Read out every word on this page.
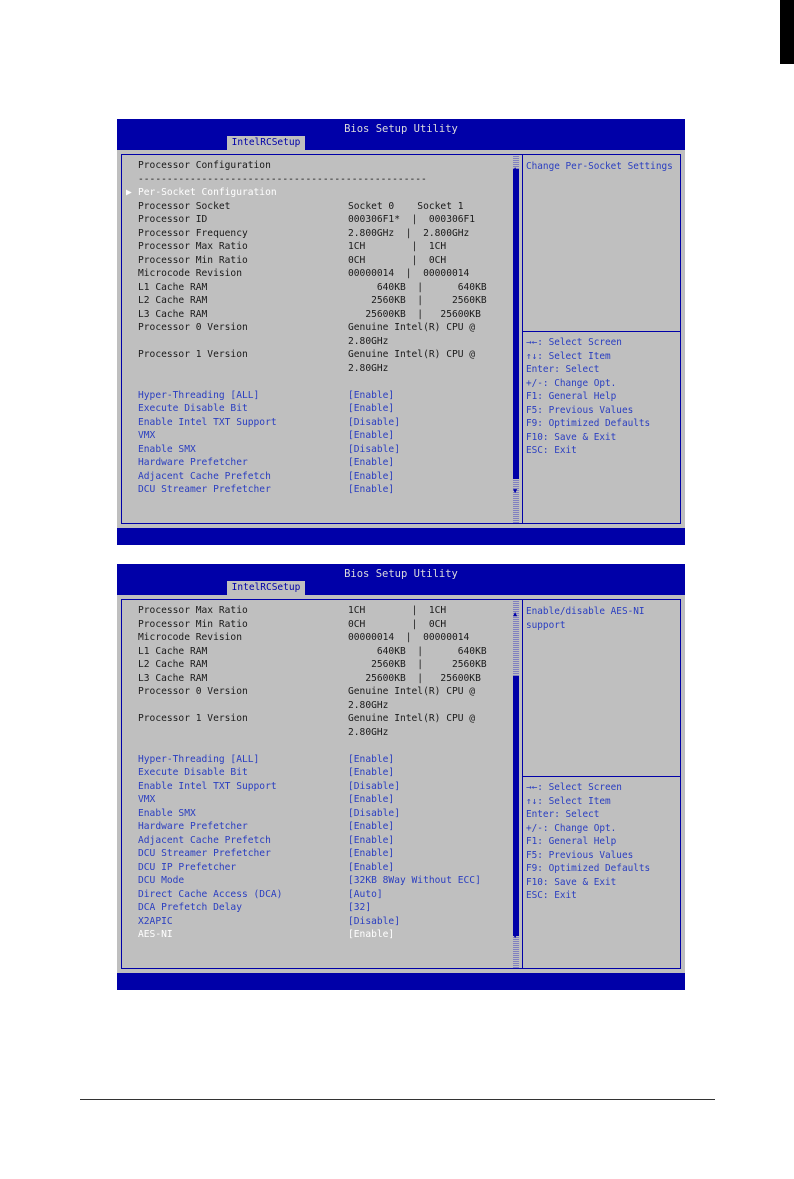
Bios Setup Utility
IntelRCSetup
▲
▼
Processor Configuration
--------------------------------------------------
▶ Per-Socket Configuration
Processor Socket	Socket 0    Socket 1
Processor ID	000306F1*  |  000306F1
Processor Frequency	2.800GHz  |  2.800GHz
Processor Max Ratio	1CH        |  1CH
Processor Min Ratio	0CH        |  0CH
Microcode Revision	00000014  |  00000014
L1 Cache RAM	640KB  |      640KB
L2 Cache RAM	2560KB  |     2560KB
L3 Cache RAM	25600KB  |   25600KB
Processor 0 Version	Genuine Intel(R) CPU @
2.80GHz
Processor 1 Version	Genuine Intel(R) CPU @
2.80GHz
Hyper-Threading [ALL]	[Enable]
Execute Disable Bit	[Enable]
Enable Intel TXT Support	[Disable]
VMX	[Enable]
Enable SMX	[Disable]
Hardware Prefetcher	[Enable]
Adjacent Cache Prefetch	[Enable]
DCU Streamer Prefetcher	[Enable]
Change Per-Socket Settings
→←: Select Screen
↑↓: Select Item
Enter: Select
+/-: Change Opt.
F1: General Help
F5: Previous Values
F9: Optimized Defaults
F10: Save & Exit
ESC: Exit
Bios Setup Utility
IntelRCSetup
▲
▼
Processor Max Ratio	1CH        |  1CH
Processor Min Ratio	0CH        |  0CH
Microcode Revision	00000014  |  00000014
L1 Cache RAM	640KB  |      640KB
L2 Cache RAM	2560KB  |     2560KB
L3 Cache RAM	25600KB  |   25600KB
Processor 0 Version	Genuine Intel(R) CPU @
2.80GHz
Processor 1 Version	Genuine Intel(R) CPU @
2.80GHz
Hyper-Threading [ALL]	[Enable]
Execute Disable Bit	[Enable]
Enable Intel TXT Support	[Disable]
VMX	[Enable]
Enable SMX	[Disable]
Hardware Prefetcher	[Enable]
Adjacent Cache Prefetch	[Enable]
DCU Streamer Prefetcher	[Enable]
DCU IP Prefetcher	[Enable]
DCU Mode	[32KB 8Way Without ECC]
Direct Cache Access (DCA)	[Auto]
DCA Prefetch Delay	[32]
X2APIC	[Disable]
AES-NI	[Enable]
Enable/disable AES-NI
support
→←: Select Screen
↑↓: Select Item
Enter: Select
+/-: Change Opt.
F1: General Help
F5: Previous Values
F9: Optimized Defaults
F10: Save & Exit
ESC: Exit
